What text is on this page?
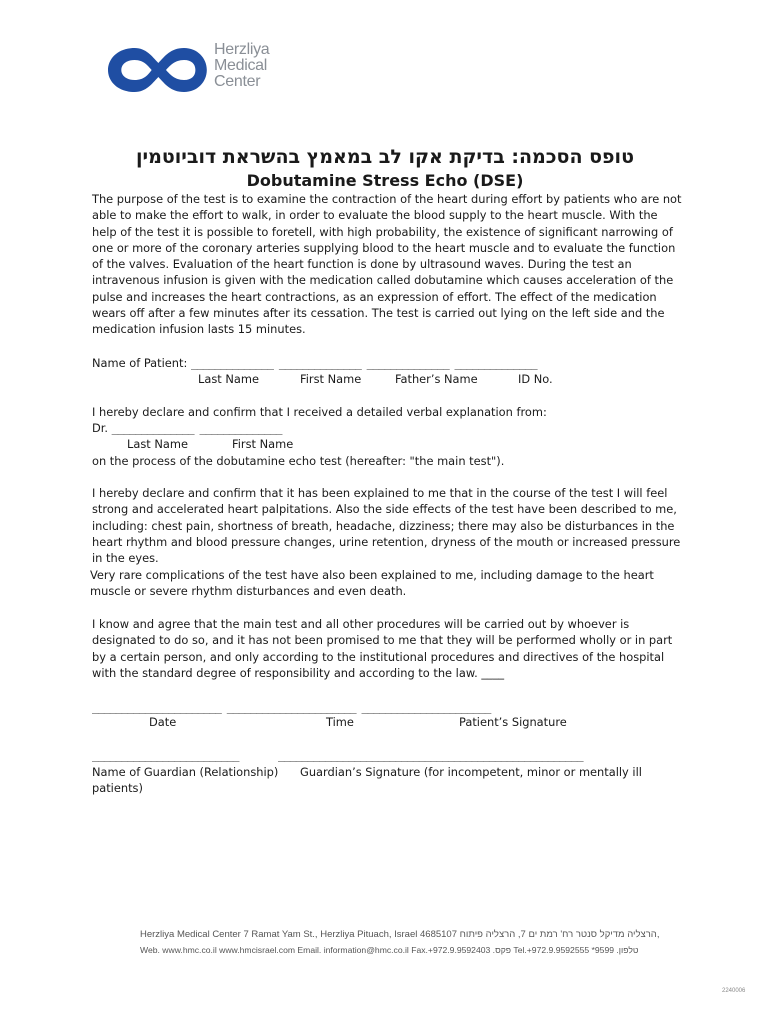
Herzliya
Medical
Center
טופס הסכמה: בדיקת אקו לב במאמץ בהשראת דוביוטמין
Dobutamine Stress Echo (DSE)
The purpose of the test is to examine the contraction of the heart during effort by patients who are not able to make the effort to walk, in order to evaluate the blood supply to the heart muscle. With the help of the test it is possible to foretell, with high probability, the existence of significant narrowing of one or more of the coronary arteries supplying blood to the heart muscle and to evaluate the function of the valves. Evaluation of the heart function is done by ultrasound waves. During the test an intravenous infusion is given with the medication called dobutamine which causes acceleration of the pulse and increases the heart contractions, as an expression of effort. The effect of the medication wears off after a few minutes after its cessation. The test is carried out lying on the left side and the medication infusion lasts 15 minutes.
Name of Patient: ______________ ______________ ______________ ______________
Last Name	First Name	Father’s Name	ID No.
I hereby declare and confirm that I received a detailed verbal explanation from:
Dr. ______________ ______________
Last Name	First Name
on the process of the dobutamine echo test (hereafter: "the main test").
I hereby declare and confirm that it has been explained to me that in the course of the test I will feel strong and accelerated heart palpitations. Also the side effects of the test have been described to me, including: chest pain, shortness of breath, headache, dizziness; there may also be disturbances in the heart rhythm and blood pressure changes, urine retention, dryness of the mouth or increased pressure in the eyes.
Very rare complications of the test have also been explained to me, including damage to the heart muscle or severe rhythm disturbances and even death.
I know and agree that the main test and all other procedures will be carried out by whoever is designated to do so, and it has not been promised to me that they will be performed wholly or in part by a certain person, and only according to the institutional procedures and directives of the hospital with the standard degree of responsibility and according to the law. ____
______________________ ______________________ ______________________
Date	Time	Patient’s Signature
_________________________	____________________________________________________
Name of Guardian (Relationship) Guardian’s Signature (for incompetent, minor or mentally ill
patients)
Herzliya Medical Center 7 Ramat Yam St., Herzliya Pituach, Israel 4685107 הרצליה מדיקל סנטר רח' רמת ים 7, הרצליה פיתוח,
Web. www.hmc.co.il www.hmcisrael.com Email. information@hmc.co.il Fax.+972.9.9592403 .פקס Tel.+972.9.9592555 *9599 .טלפון
2240006
